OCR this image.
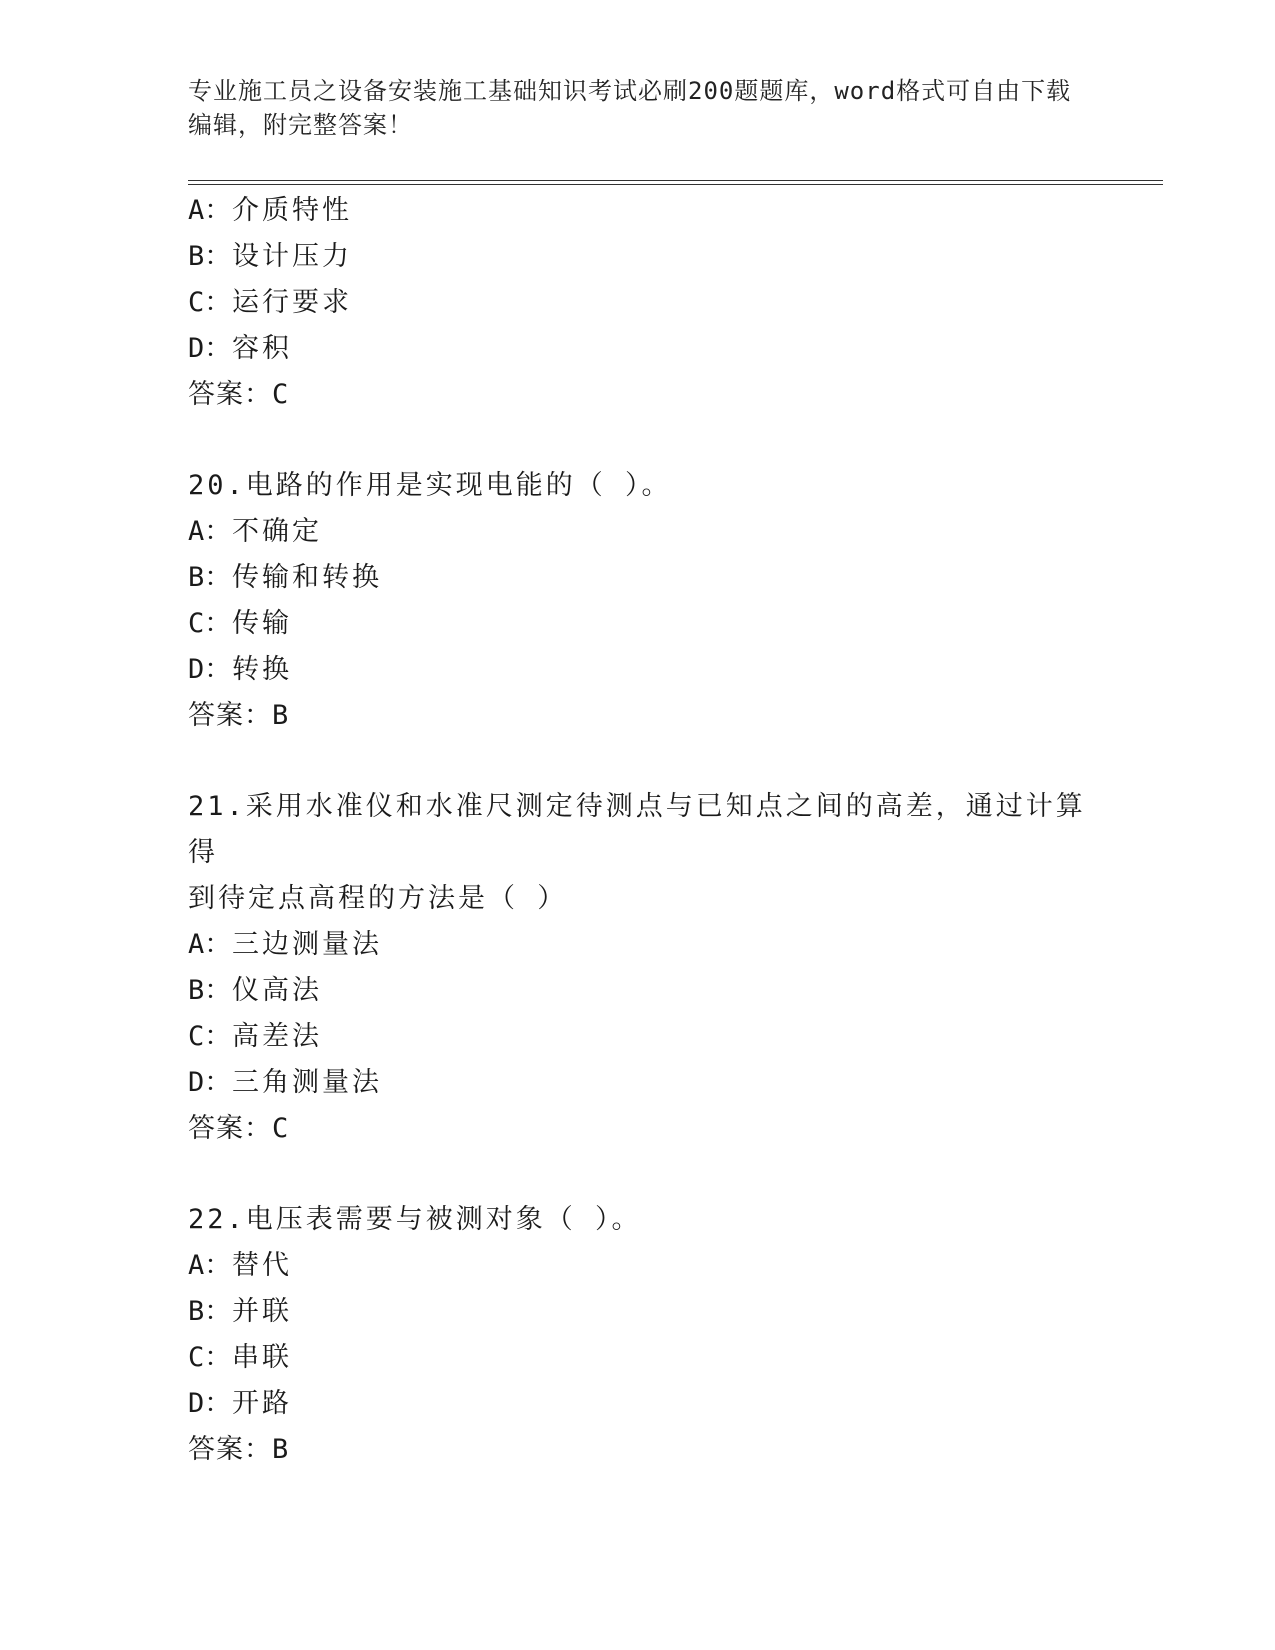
专业施工员之设备安装施工基础知识考试必刷200题题库，word格式可自由下载
编辑，附完整答案！
A：介质特性
B：设计压力
C：运行要求
D：容积
答案：C
20.电路的作用是实现电能的（ ）。
A：不确定
B：传输和转换
C：传输
D：转换
答案：B
21.采用水准仪和水准尺测定待测点与已知点之间的高差，通过计算得
到待定点高程的方法是（ ）
A：三边测量法
B：仪高法
C：高差法
D：三角测量法
答案：C
22.电压表需要与被测对象（ ）。
A：替代
B：并联
C：串联
D：开路
答案：B
